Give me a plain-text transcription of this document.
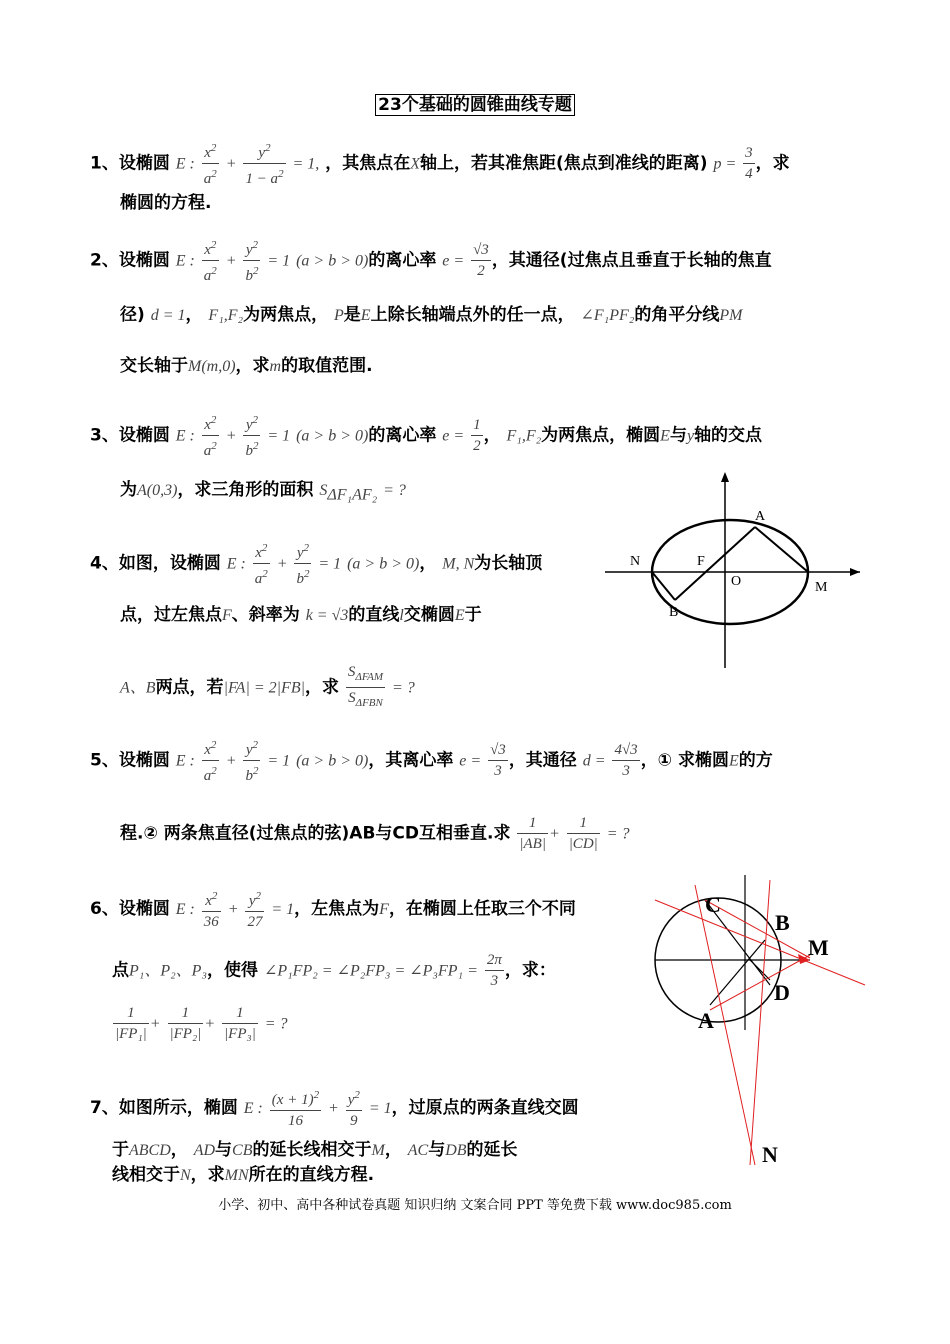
23个基础的圆锥曲线专题
1、设椭圆 E : $\frac{x^2}{a^2} + \frac{y^2}{1 - a^2} = 1$, ，其焦点在X轴上，若其准焦距(焦点到准线的距离) $p = \frac{3}{4}$ ，求
椭圆的方程.
2、设椭圆 E : $\frac{x^2}{a^2} + \frac{y^2}{b^2} = 1$ (a > b > 0)的离心率 $e = \frac{√3}{2}$ ，其通径(过焦点且垂直于长轴的焦直
径) d = 1， F₁,F₂为两焦点， P是E上除长轴端点外的任一点， ∠F₁PF₂的角平分线PM
交长轴于M(m,0)，求m的取值范围.
3、设椭圆 E : $\frac{x^2}{a^2} + \frac{y^2}{b^2} = 1$ (a > b > 0)的离心率 $e = \frac{1}{2}$ ， F₁,F₂为两焦点，椭圆E与y轴的交点
为A(0,3)，求三角形的面积 $S_{\Delta F_1AF_2}$ = ?
4、如图，设椭圆 E : $\frac{x^2}{a^2} + \frac{y^2}{b^2} = 1$ (a > b > 0)， M, N为长轴顶
点，过左焦点F、斜率为 k = √3的直线l交椭圆E于
A、B两点，若|FA| = 2|FB|，求 $\frac{S_{\Delta FAM}}{S_{\Delta FBN}}$ = ?
5、设椭圆 E : $\frac{x^2}{a^2} + \frac{y^2}{b^2} = 1$ (a > b > 0)，其离心率 $e = \frac{√3}{3}$ ，其通径 $d = \frac{4√3}{3}$ ，① 求椭圆E的方
程.② 两条焦直径(过焦点的弦)AB与CD互相垂直.求 $\frac{1}{|AB|} + \frac{1}{|CD|}$ = ?
6、设椭圆 E : $\frac{x^2}{36} + \frac{y^2}{27} = 1$，左焦点为F，在椭圆上任取三个不同
点P₁、P₂、P₃，使得 ∠P₁FP₂ = ∠P₂FP₃ = ∠P₃FP₁ = $\frac{2\pi}{3}$ ，求：
$\frac{1}{\text{|FP₁|}} + \frac{1}{\text{|FP₂|}} + \frac{1}{\text{|FP₃|}}$ = ?
7、如图所示，椭圆 E : $\frac{(x + 1)^2}{16} + \frac{y^2}{9} = 1$，过原点的两条直线交圆
于ABCD， AD与CB的延长线相交于M， AC与DB的延长
线相交于N，求MN所在的直线方程.
A
N	F
O	M
B
C
B
M
D
A
N
小学、初中、高中各种试卷真题 知识归纳 文案合同 PPT 等免费下载 www.doc985.com
